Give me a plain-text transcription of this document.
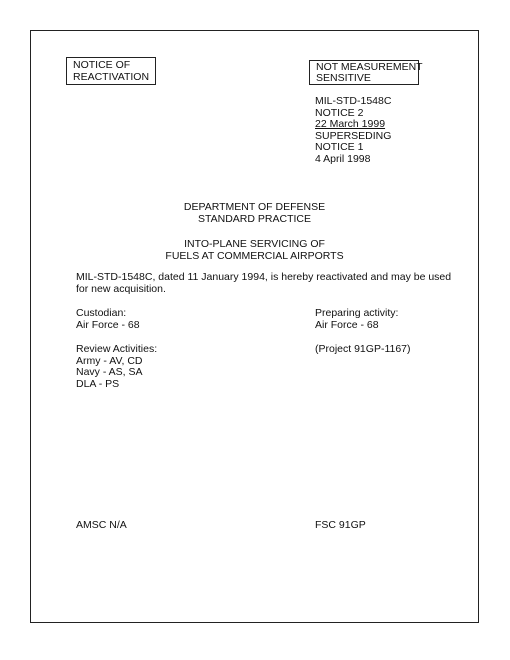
NOTICE OF
REACTIVATION
NOT MEASUREMENT
SENSITIVE
MIL-STD-1548C
NOTICE 2
22 March 1999
SUPERSEDING
NOTICE 1
4 April 1998
DEPARTMENT OF DEFENSE
STANDARD PRACTICE
INTO-PLANE SERVICING OF
FUELS AT COMMERCIAL AIRPORTS
MIL-STD-1548C, dated 11 January 1994, is hereby reactivated and may be used for new acquisition.
Custodian:
Air Force - 68
Preparing activity:
Air Force - 68
Review Activities:
Army - AV, CD
Navy - AS, SA
DLA - PS
(Project 91GP-1167)
AMSC N/A	FSC 91GP
